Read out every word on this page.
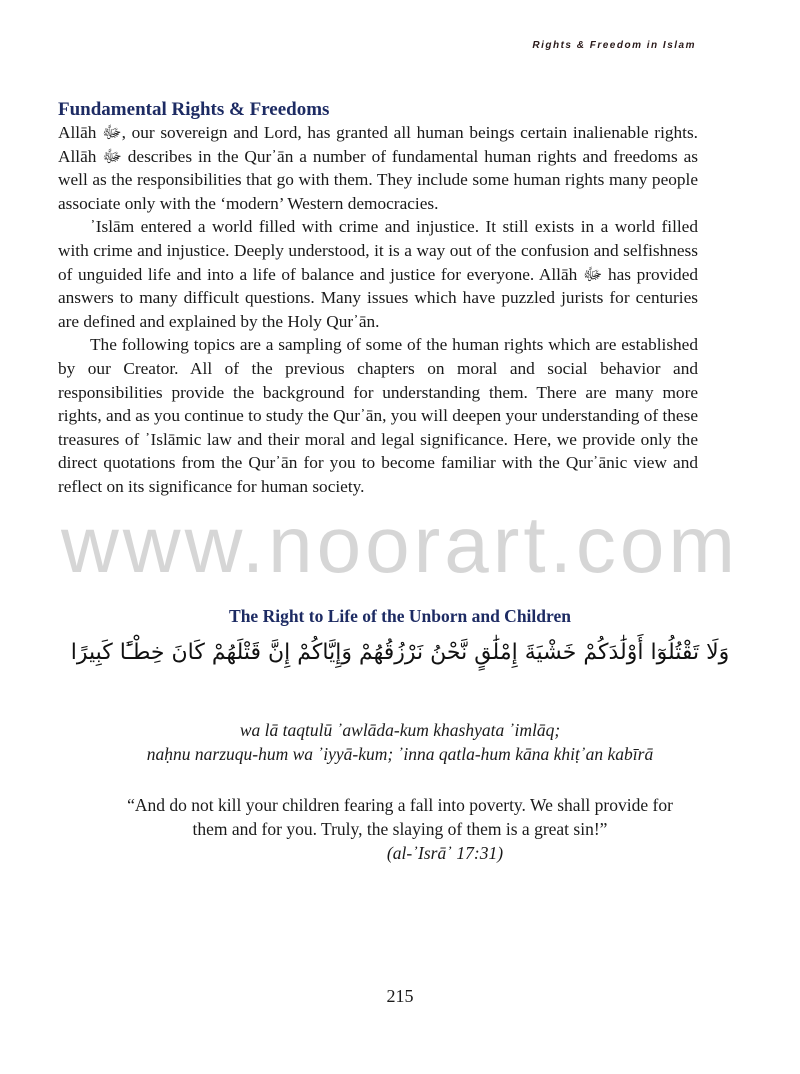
Rights & Freedom in Islam
Fundamental Rights & Freedoms

Allāh ﷻ, our sovereign and Lord, has granted all human beings certain inalienable rights. Allāh ﷻ describes in the Qur᾿ān a number of fundamental human rights and freedoms as well as the responsibilities that go with them. They include some human rights many people associate only with the ‘modern’ Western democracies.

᾿Islām entered a world filled with crime and injustice. It still exists in a world filled with crime and injustice. Deeply understood, it is a way out of the confusion and selfishness of unguided life and into a life of balance and justice for everyone. Allāh ﷻ has provided answers to many difficult questions. Many issues which have puzzled jurists for centuries are defined and explained by the Holy Qur᾿ān.

The following topics are a sampling of some of the human rights which are established by our Creator. All of the previous chapters on moral and social behavior and responsibilities provide the background for understanding them. There are many more rights, and as you continue to study the Qur᾿ān, you will deepen your understanding of these treasures of ᾿Islāmic law and their moral and legal significance. Here, we provide only the direct quotations from the Qur᾿ān for you to become familiar with the Qur᾿ānic view and reflect on its significance for human society.

www.noorart.com
The Right to Life of the Unborn and Children
وَلَا تَقْتُلُوٓا أَوْلَٰدَكُمْ خَشْيَةَ إِمْلَٰقٍ نَّحْنُ نَرْزُقُهُمْ وَإِيَّاكُمْ إِنَّ قَتْلَهُمْ كَانَ خِطْـًٔا كَبِيرًا
wa lā taqtulū ᾿awlāda-kum khashyata ᾿imlāq;
naḥnu narzuqu-hum wa ᾿iyyā-kum; ᾿inna qatla-hum kāna khiṭ᾿an kabīrā
“And do not kill your children fearing a fall into poverty. We shall provide for
them and for you. Truly, the slaying of them is a great sin!”
(al-᾿Isrā᾿ 17:31)
215
